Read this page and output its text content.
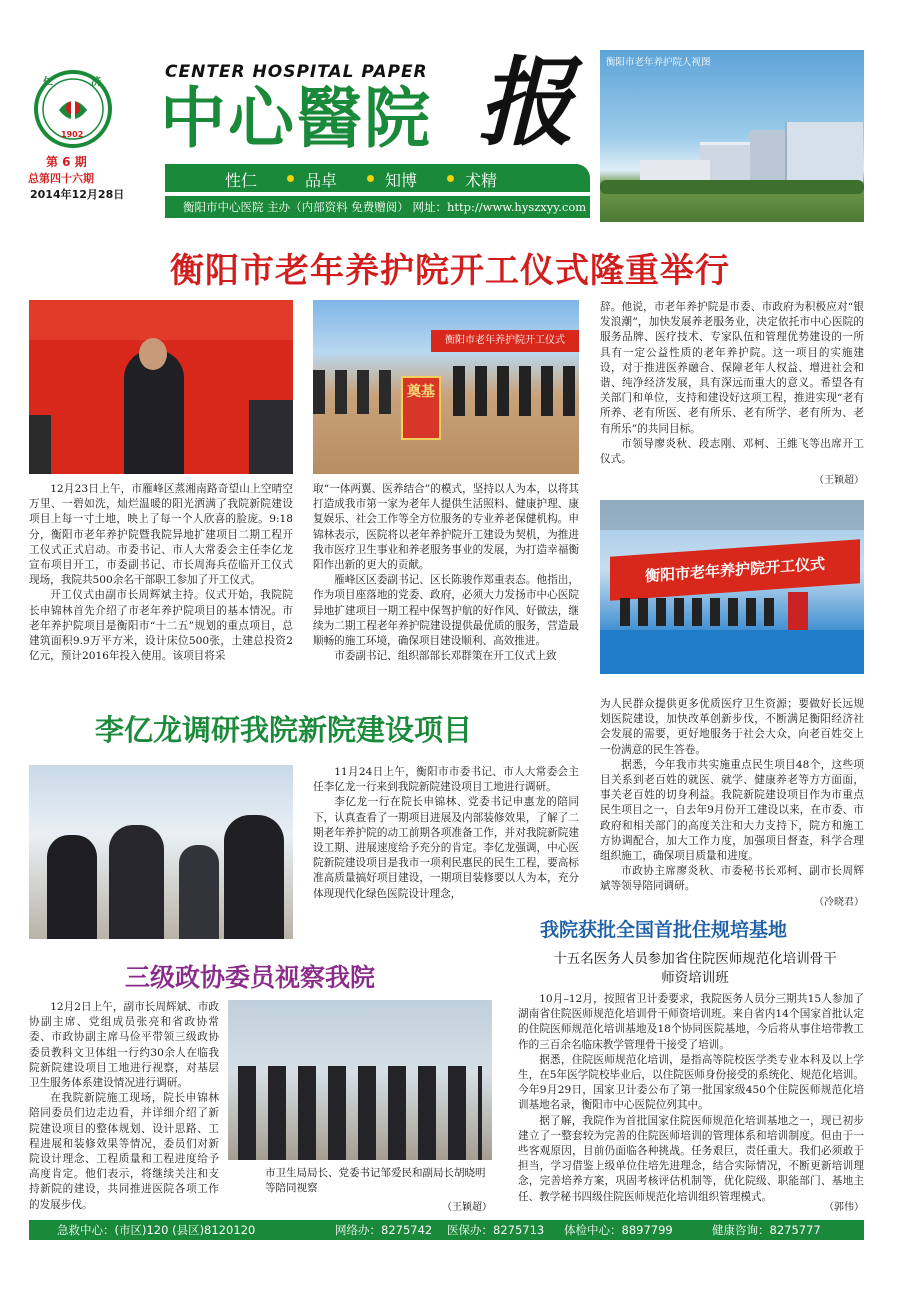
仁	济
1902
第 6 期
总第四十六期
2014年12月28日
CENTER HOSPITAL PAPER
中心醫院 报
性仁	品卓	知博	术精
衡阳市中心医院 主办（内部资料 免费赠阅） 网址：http://www.hyszxyy.com
衡阳市老年养护院人视图
衡阳市老年养护院开工仪式隆重举行
衡阳市老年养护院开工仪式
奠基

12月23日上午，市雁峰区蒸湘南路奇望山上空晴空万里、一碧如洗，灿烂温暖的阳光洒满了我院新院建设项目上每一寸土地，映上了每一个人欣喜的脸庞。9:18分，衡阳市老年养护院暨我院异地扩建项目二期工程开工仪式正式启动。市委书记、市人大常委会主任李亿龙宣布项目开工，市委副书记、市长周海兵莅临开工仪式现场，我院共500余名干部职工参加了开工仪式。

开工仪式由副市长周辉斌主持。仪式开始，我院院长申锦林首先介绍了市老年养护院项目的基本情况。市老年养护院项目是衡阳市“十二五”规划的重点项目，总建筑面积9.9万平方米，设计床位500张，土建总投资2亿元，预计2016年投入使用。该项目将采

取“一体两翼、医养结合”的模式，坚持以人为本，以将其打造成我市第一家为老年人提供生活照料、健康护理、康复娱乐、社会工作等全方位服务的专业养老保健机构。申锦林表示，医院将以老年养护院开工建设为契机，为推进我市医疗卫生事业和养老服务事业的发展，为打造幸福衡阳作出新的更大的贡献。

雁峰区区委副书记、区长陈骏作郑重表态。他指出，作为项目座落地的党委、政府，必须大力发扬市中心医院异地扩建项目一期工程中保驾护航的好作风、好做法，继续为二期工程老年养护院建设提供最优质的服务，营造最顺畅的施工环境，确保项目建设顺利、高效推进。

市委副书记、组织部部长邓群策在开工仪式上致

辞。他说，市老年养护院是市委、市政府为积极应对“银发浪潮”，加快发展养老服务业，决定依托市中心医院的服务品牌、医疗技术、专家队伍和管理优势建设的一所具有一定公益性质的老年养护院。这一项目的实施建设，对于推进医养融合、保障老年人权益、增进社会和谐、纯净经济发展，具有深远而重大的意义。希望各有关部门和单位，支持和建设好这项工程，推进实现“老有所养、老有所医、老有所乐、老有所学、老有所为、老有所乐”的共同目标。

市领导廖炎秋、段志刚、邓柯、王維飞等出席开工仪式。

（王颖超）
衡阳市老年养护院开工仪式
李亿龙调研我院新院建设项目

11月24日上午，衡阳市市委书记、市人大常委会主任李亿龙一行来到我院新院建设项目工地进行调研。

李亿龙一行在院长申锦林、党委书记申惠龙的陪同下，认真查看了一期项目进展及内部装修效果，了解了二期老年养护院的动工前期各项准备工作，并对我院新院建设工期、进展速度给予充分的肯定。李亿龙强调，中心医院新院建设项目是我市一项利民惠民的民生工程，要高标准高质量搞好项目建设，一期项目装修要以人为本，充分体现现代化绿色医院设计理念，

为人民群众提供更多优质医疗卫生资源；要做好长远规划医院建设，加快改革创新步伐，不断满足衡阳经济社会发展的需要，更好地服务于社会大众，向老百姓交上一份满意的民生答卷。

据悉，今年我市共实施重点民生项目48个，这些项目关系到老百姓的就医、就学、健康养老等方方面面，事关老百姓的切身利益。我院新院建设项目作为市重点民生项目之一，自去年9月份开工建设以来，在市委、市政府和相关部门的高度关注和大力支持下，院方和施工方协调配合，加大工作力度，加强项目督查，科学合理组织施工，确保项目质量和进度。

市政协主席廖炎秋、市委秘书长邓柯、副市长周辉斌等领导陪同调研。

（冷晓君）
三级政协委员视察我院

12月2日上午，副市长周辉斌、市政协副主席、党组成员张亮和省政协常委、市政协副主席马俭平带领三级政协委员教科文卫体组一行约30余人在临我院新院建设项目工地进行视察，对基层卫生服务体系建设情况进行调研。

在我院新院施工现场，院长申锦林陪同委员们边走边看，并详细介绍了新院建设项目的整体规划、设计思路、工程进展和装修效果等情况，委员们对新院设计理念、工程质量和工程进度给予高度肯定。他们表示，将继续关注和支持新院的建设，共同推进医院各项工作的发展步伐。

市卫生局局长、党委书记邹爱民和副局长胡晓明等陪同视察
（王颖超）
我院获批全国首批住规培基地
十五名医务人员参加省住院医师规范化培训骨干师资培训班

10月–12月，按照省卫计委要求，我院医务人员分三期共15人参加了湖南省住院医师规范化培训骨干师资培训班。来自省内14个国家首批认定的住院医师规范化培训基地及18个协同医院基地，今后将从事住培带教工作的三百余名临床教学管理骨干接受了培训。

据悉，住院医师规范化培训，是指高等院校医学类专业本科及以上学生，在5年医学院校毕业后，以住院医师身份接受的系统化、规范化培训。今年9月29日，国家卫计委公布了第一批国家级450个住院医师规范化培训基地名录，衡阳市中心医院位列其中。

据了解，我院作为首批国家住院医师规范化培训基地之一，现已初步建立了一整套较为完善的住院医师培训的管理体系和培训制度。但由于一些客观原因，目前仍面临各种挑战。任务艰巨，责任重大。我们必须敢于担当，学习借鉴上级单位住培先进理念，结合实际情况，不断更新培训理念，完善培养方案，巩固考核评估机制等，优化院级、职能部门、基地主任、教学秘书四级住院医师规范化培训组织管理模式。

（郭伟）
急救中心：(市区)120 (县区)8120120	网络办：8275742 医保办：8275713 体检中心：8897799	健康咨询：8275777
